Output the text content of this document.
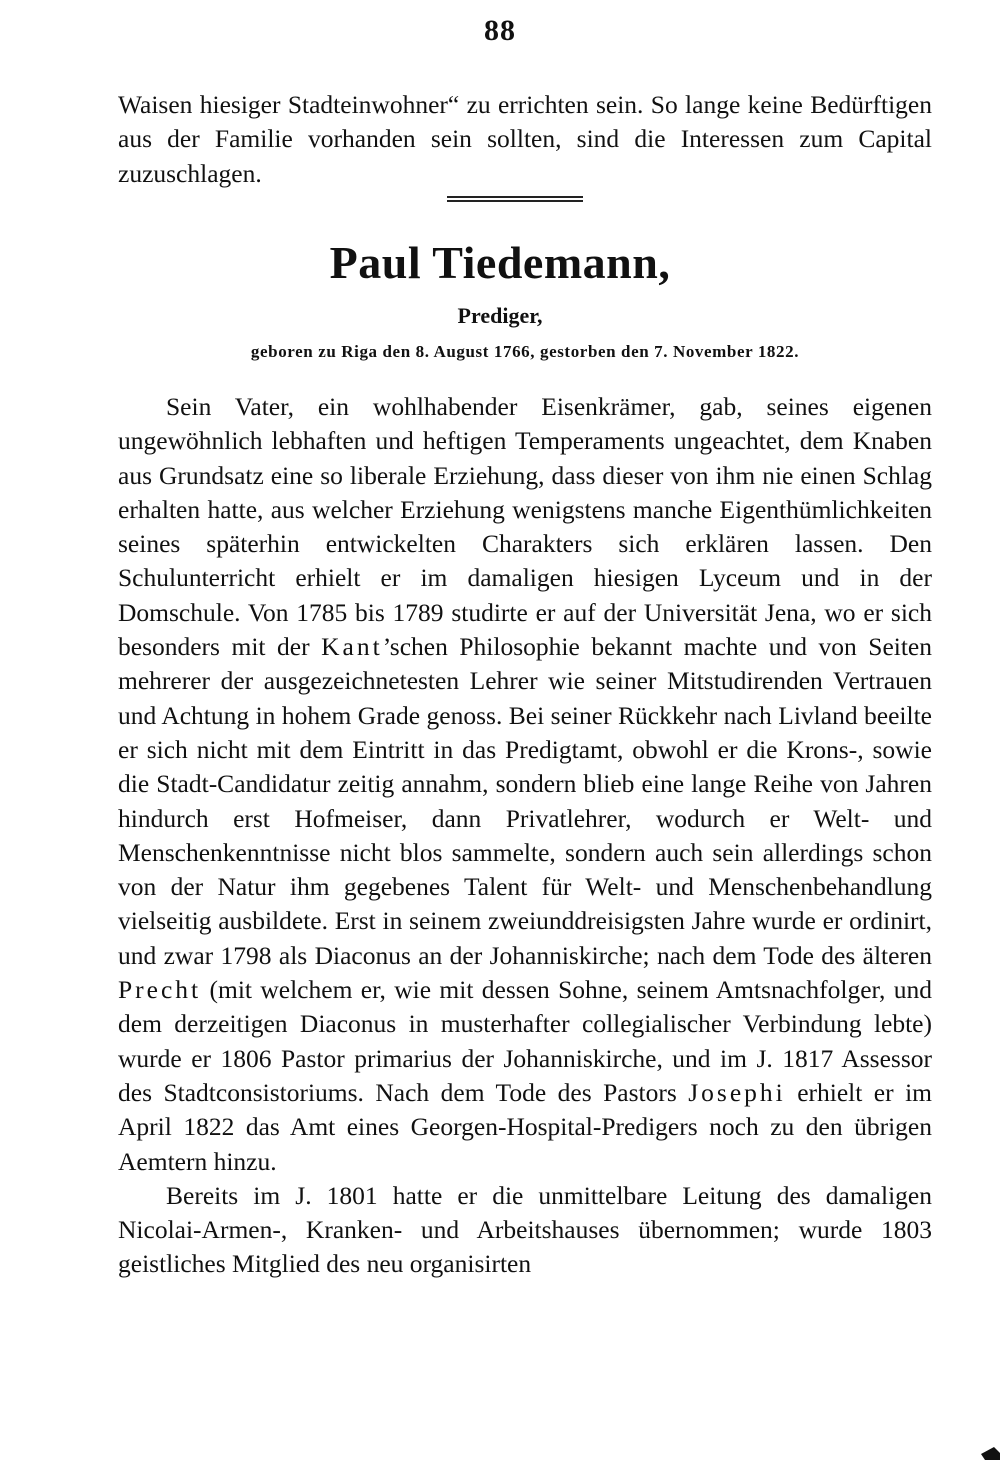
88

Waisen hiesiger Stadteinwohner“ zu errichten sein. So lange keine Bedürftigen aus der Familie vorhanden sein sollten, sind die Interessen zum Capital zuzuschlagen.

Paul Tiedemann,
Prediger,
geboren zu Riga den 8. August 1766, gestorben den 7. November 1822.

Sein Vater, ein wohlhabender Eisenkrämer, gab, seines eigenen ungewöhnlich lebhaften und heftigen Temperaments ungeachtet, dem Knaben aus Grundsatz eine so liberale Erziehung, dass dieser von ihm nie einen Schlag erhalten hatte, aus welcher Erziehung wenigstens manche Eigenthümlichkeiten seines späterhin entwickelten Charakters sich erklären lassen. Den Schulunterricht erhielt er im damaligen hiesigen Lyceum und in der Domschule. Von 1785 bis 1789 studirte er auf der Universität Jena, wo er sich besonders mit der Kant’schen Philosophie bekannt machte und von Seiten mehrerer der ausgezeichnetesten Lehrer wie seiner Mitstudirenden Vertrauen und Achtung in hohem Grade genoss. Bei seiner Rückkehr nach Livland beeilte er sich nicht mit dem Eintritt in das Predigtamt, obwohl er die Krons-, sowie die Stadt-Candidatur zeitig annahm, sondern blieb eine lange Reihe von Jahren hindurch erst Hofmeiser, dann Privatlehrer, wodurch er Welt- und Menschenkenntnisse nicht blos sammelte, sondern auch sein allerdings schon von der Natur ihm gegebenes Talent für Welt- und Menschenbehandlung vielseitig ausbildete. Erst in seinem zweiunddreisigsten Jahre wurde er ordinirt, und zwar 1798 als Diaconus an der Johanniskirche; nach dem Tode des älteren Precht (mit welchem er, wie mit dessen Sohne, seinem Amtsnachfolger, und dem derzeitigen Diaconus in musterhafter collegialischer Verbindung lebte) wurde er 1806 Pastor primarius der Johanniskirche, und im J. 1817 Assessor des Stadtconsistoriums. Nach dem Tode des Pastors Josephi erhielt er im April 1822 das Amt eines Georgen-Hospital-Predigers noch zu den übrigen Aemtern hinzu.

Bereits im J. 1801 hatte er die unmittelbare Leitung des damaligen Nicolai-Armen-, Kranken- und Arbeitshauses übernommen; wurde 1803 geistliches Mitglied des neu organisirten
